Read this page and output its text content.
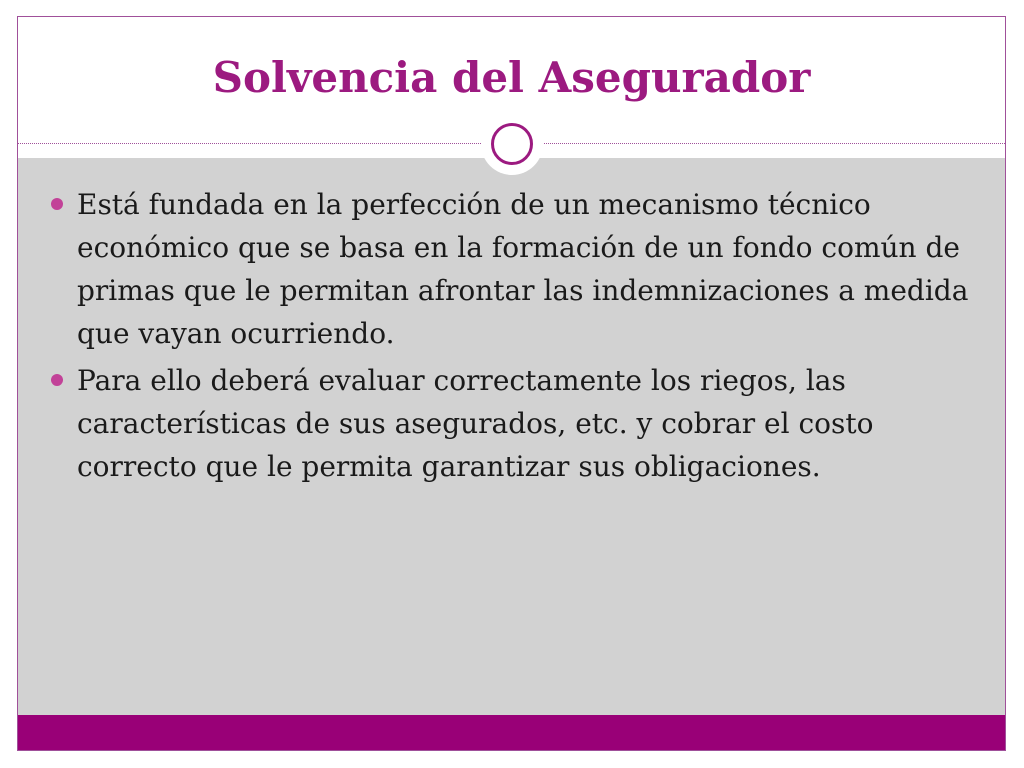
Solvencia del Asegurador
Está fundada en la perfección de un mecanismo técnico económico que se basa en la formación de un fondo común de primas que le permitan afrontar las indemnizaciones a medida que vayan ocurriendo.
Para ello deberá evaluar correctamente los riegos, las características de sus asegurados, etc. y cobrar el costo correcto que le permita garantizar sus obligaciones.
